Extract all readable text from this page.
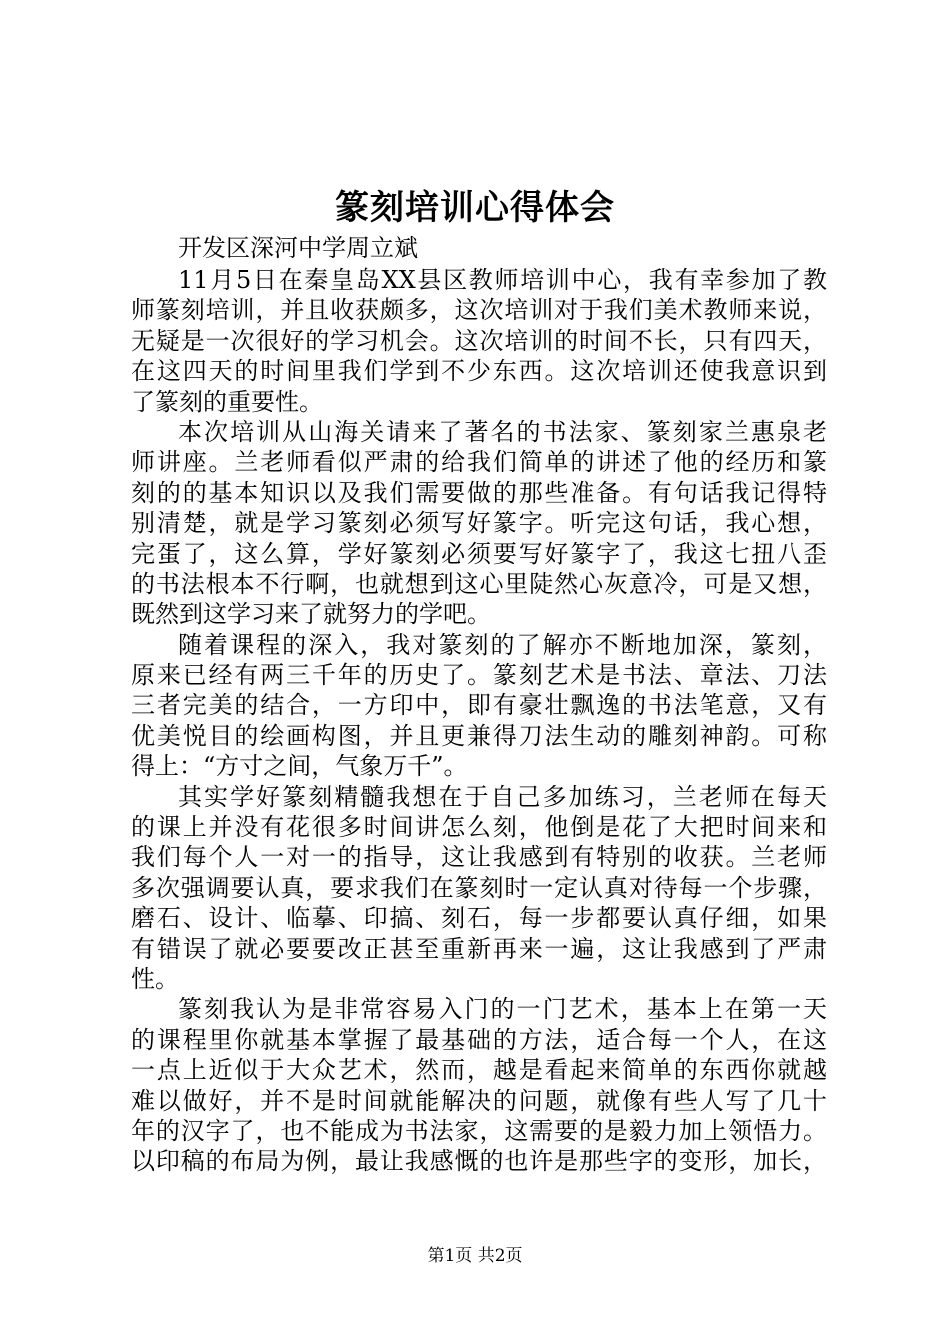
篆刻培训心得体会
开发区深河中学周立斌
11月5日在秦皇岛XX县区教师培训中心，我有幸参加了教
师篆刻培训，并且收获颇多，这次培训对于我们美术教师来说，
无疑是一次很好的学习机会。这次培训的时间不长，只有四天，
在这四天的时间里我们学到不少东西。这次培训还使我意识到
了篆刻的重要性。
本次培训从山海关请来了著名的书法家、篆刻家兰惠泉老
师讲座。兰老师看似严肃的给我们简单的讲述了他的经历和篆
刻的的基本知识以及我们需要做的那些准备。有句话我记得特
别清楚，就是学习篆刻必须写好篆字。听完这句话，我心想，
完蛋了，这么算，学好篆刻必须要写好篆字了，我这七扭八歪
的书法根本不行啊，也就想到这心里陡然心灰意冷，可是又想，
既然到这学习来了就努力的学吧。
随着课程的深入，我对篆刻的了解亦不断地加深，篆刻，
原来已经有两三千年的历史了。篆刻艺术是书法、章法、刀法
三者完美的结合，一方印中，即有豪壮飘逸的书法笔意，又有
优美悦目的绘画构图，并且更兼得刀法生动的雕刻神韵。可称
得上：“方寸之间，气象万千”。
其实学好篆刻精髓我想在于自己多加练习，兰老师在每天
的课上并没有花很多时间讲怎么刻，他倒是花了大把时间来和
我们每个人一对一的指导，这让我感到有特别的收获。兰老师
多次强调要认真，要求我们在篆刻时一定认真对待每一个步骤，
磨石、设计、临摹、印搞、刻石，每一步都要认真仔细，如果
有错误了就必要要改正甚至重新再来一遍，这让我感到了严肃
性。
篆刻我认为是非常容易入门的一门艺术，基本上在第一天
的课程里你就基本掌握了最基础的方法，适合每一个人，在这
一点上近似于大众艺术，然而，越是看起来简单的东西你就越
难以做好，并不是时间就能解决的问题，就像有些人写了几十
年的汉字了，也不能成为书法家，这需要的是毅力加上领悟力。
以印稿的布局为例，最让我感慨的也许是那些字的变形，加长，
第1页 共2页
